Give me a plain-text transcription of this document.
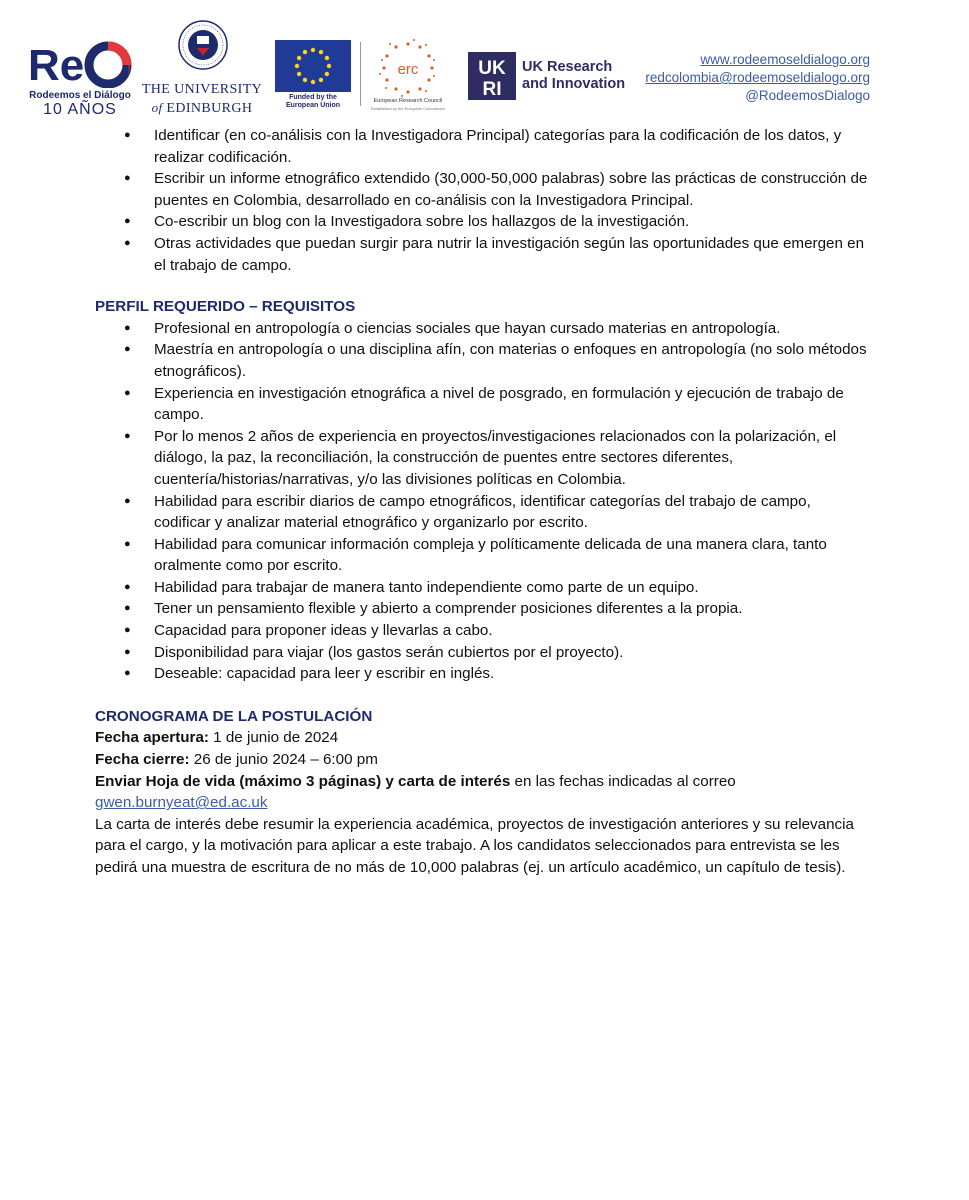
Re
Rodeemos el Diálogo
10 AÑOS
THE UNIVERSITY
of EDINBURGH
Funded by the European Union
erc
European Research Council
Established by the European Commission
UK
RI
UK Research
and Innovation
www.rodeemoseldialogo.org
redcolombia@rodeemoseldialogo.org
@RodeemosDialogo
● Identificar (en co-análisis con la Investigadora Principal) categorías para la codificación de los datos, y realizar codificación.
● Escribir un informe etnográfico extendido (30,000-50,000 palabras) sobre las prácticas de construcción de puentes en Colombia, desarrollado en co-análisis con la Investigadora Principal.
● Co-escribir un blog con la Investigadora sobre los hallazgos de la investigación.
● Otras actividades que puedan surgir para nutrir la investigación según las oportunidades que emergen en el trabajo de campo.

PERFIL REQUERIDO – REQUISITOS

● Profesional en antropología o ciencias sociales que hayan cursado materias en antropología.
● Maestría en antropología o una disciplina afín, con materias o enfoques en antropología (no solo métodos etnográficos).
● Experiencia en investigación etnográfica a nivel de posgrado, en formulación y ejecución de trabajo de campo.
● Por lo menos 2 años de experiencia en proyectos/investigaciones relacionados con la polarización, el diálogo, la paz, la reconciliación, la construcción de puentes entre sectores diferentes, cuentería/historias/narrativas, y/o las divisiones políticas en Colombia.
● Habilidad para escribir diarios de campo etnográficos, identificar categorías del trabajo de campo, codificar y analizar material etnográfico y organizarlo por escrito.
● Habilidad para comunicar información compleja y políticamente delicada de una manera clara, tanto oralmente como por escrito.
● Habilidad para trabajar de manera tanto independiente como parte de un equipo.
● Tener un pensamiento flexible y abierto a comprender posiciones diferentes a la propia.
● Capacidad para proponer ideas y llevarlas a cabo.
● Disponibilidad para viajar (los gastos serán cubiertos por el proyecto).
● Deseable: capacidad para leer y escribir en inglés.

CRONOGRAMA DE LA POSTULACIÓN

Fecha apertura: 1 de junio de 2024

Fecha cierre: 26 de junio 2024 – 6:00 pm

Enviar Hoja de vida (máximo 3 páginas) y carta de interés en las fechas indicadas al correo

gwen.burnyeat@ed.ac.uk

La carta de interés debe resumir la experiencia académica, proyectos de investigación anteriores y su relevancia para el cargo, y la motivación para aplicar a este trabajo. A los candidatos seleccionados para entrevista se les pedirá una muestra de escritura de no más de 10,000 palabras (ej. un artículo académico, un capítulo de tesis).
